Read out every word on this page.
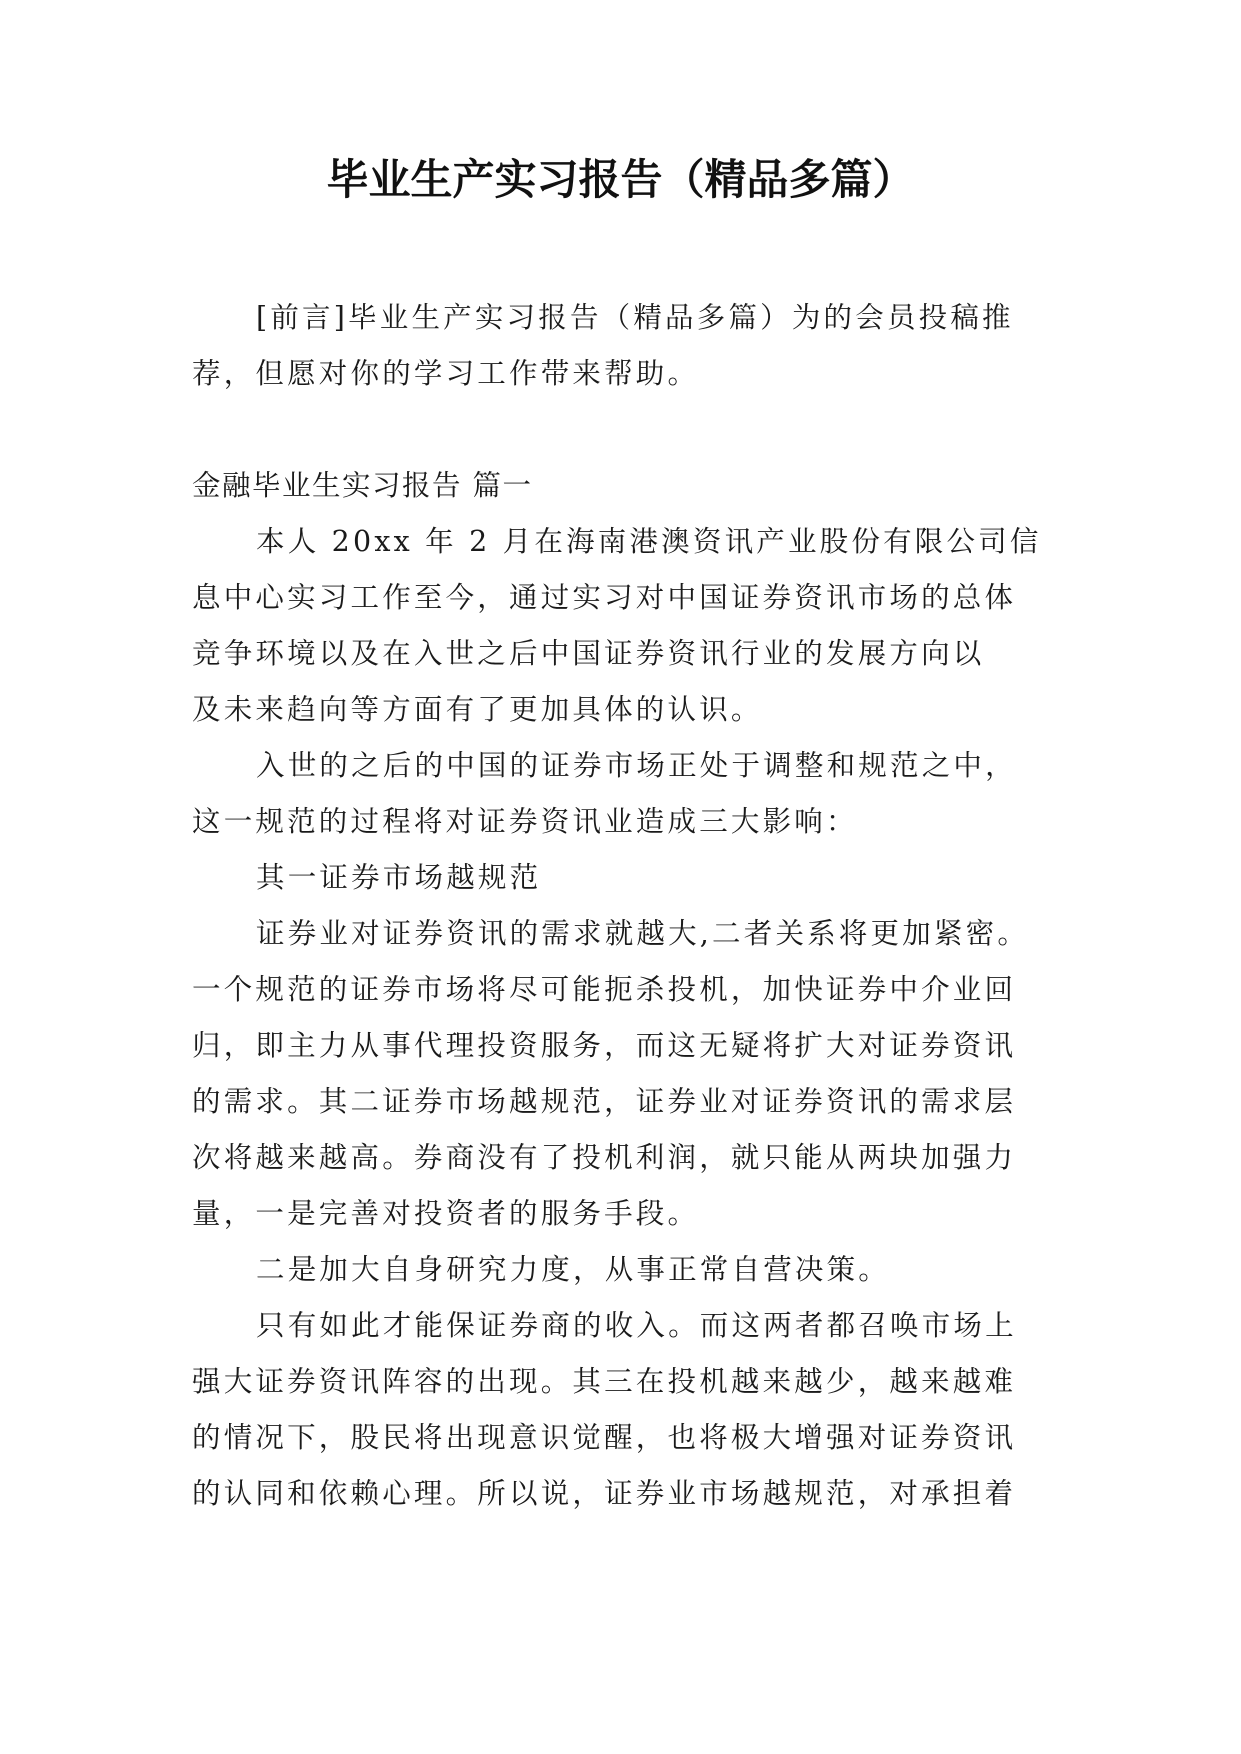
毕业生产实习报告（精品多篇）
[前言]毕业生产实习报告（精品多篇）为的会员投稿推
荐，但愿对你的学习工作带来帮助。
金融毕业生实习报告 篇一
本人 20xx 年 2 月在海南港澳资讯产业股份有限公司信
息中心实习工作至今，通过实习对中国证券资讯市场的总体
竞争环境以及在入世之后中国证券资讯行业的发展方向以
及未来趋向等方面有了更加具体的认识。
入世的之后的中国的证券市场正处于调整和规范之中，
这一规范的过程将对证券资讯业造成三大影响：
其一证券市场越规范
证券业对证券资讯的需求就越大,二者关系将更加紧密。
一个规范的证券市场将尽可能扼杀投机，加快证券中介业回
归，即主力从事代理投资服务，而这无疑将扩大对证券资讯
的需求。其二证券市场越规范，证券业对证券资讯的需求层
次将越来越高。券商没有了投机利润，就只能从两块加强力
量，一是完善对投资者的服务手段。
二是加大自身研究力度，从事正常自营决策。
只有如此才能保证券商的收入。而这两者都召唤市场上
强大证券资讯阵容的出现。其三在投机越来越少，越来越难
的情况下，股民将出现意识觉醒，也将极大增强对证券资讯
的认同和依赖心理。所以说，证券业市场越规范，对承担着
